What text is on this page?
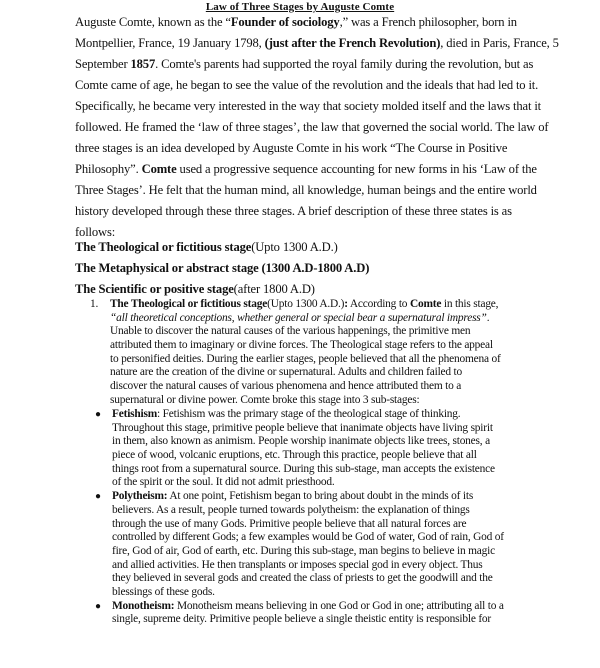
Law of Three Stages by Auguste Comte
Auguste Comte, known as the “Founder of sociology,” was a French philosopher, born in
Montpellier, France, 19 January 1798, (just after the French Revolution), died in Paris, France, 5
September 1857. Comte's parents had supported the royal family during the revolution, but as
Comte came of age, he began to see the value of the revolution and the ideals that had led to it.
Specifically, he became very interested in the way that society molded itself and the laws that it
followed. He framed the ‘law of three stages’, the law that governed the social world. The law of
three stages is an idea developed by Auguste Comte in his work “The Course in Positive
Philosophy”. Comte used a progressive sequence accounting for new forms in his ‘Law of the
Three Stages’. He felt that the human mind, all knowledge, human beings and the entire world
history developed through these three stages. A brief description of these three states is as
follows:
The Theological or fictitious stage(Upto 1300 A.D.)
The Metaphysical or abstract stage (1300 A.D-1800 A.D)
The Scientific or positive stage(after 1800 A.D)
1. The Theological or fictitious stage(Upto 1300 A.D.): According to Comte in this stage,
“all theoretical conceptions, whether general or special bear a supernatural impress”.
Unable to discover the natural causes of the various happenings, the primitive men
attributed them to imaginary or divine forces. The Theological stage refers to the appeal
to personified deities. During the earlier stages, people believed that all the phenomena of
nature are the creation of the divine or supernatural. Adults and children failed to
discover the natural causes of various phenomena and hence attributed them to a
supernatural or divine power. Comte broke this stage into 3 sub-stages:
● Fetishism: Fetishism was the primary stage of the theological stage of thinking.
Throughout this stage, primitive people believe that inanimate objects have living spirit
in them, also known as animism. People worship inanimate objects like trees, stones, a
piece of wood, volcanic eruptions, etc. Through this practice, people believe that all
things root from a supernatural source. During this sub-stage, man accepts the existence
of the spirit or the soul. It did not admit priesthood.
● Polytheism: At one point, Fetishism began to bring about doubt in the minds of its
believers. As a result, people turned towards polytheism: the explanation of things
through the use of many Gods. Primitive people believe that all natural forces are
controlled by different Gods; a few examples would be God of water, God of rain, God of
fire, God of air, God of earth, etc. During this sub-stage, man begins to believe in magic
and allied activities. He then transplants or imposes special god in every object. Thus
they believed in several gods and created the class of priests to get the goodwill and the
blessings of these gods.
● Monotheism: Monotheism means believing in one God or God in one; attributing all to a
single, supreme deity. Primitive people believe a single theistic entity is responsible for
